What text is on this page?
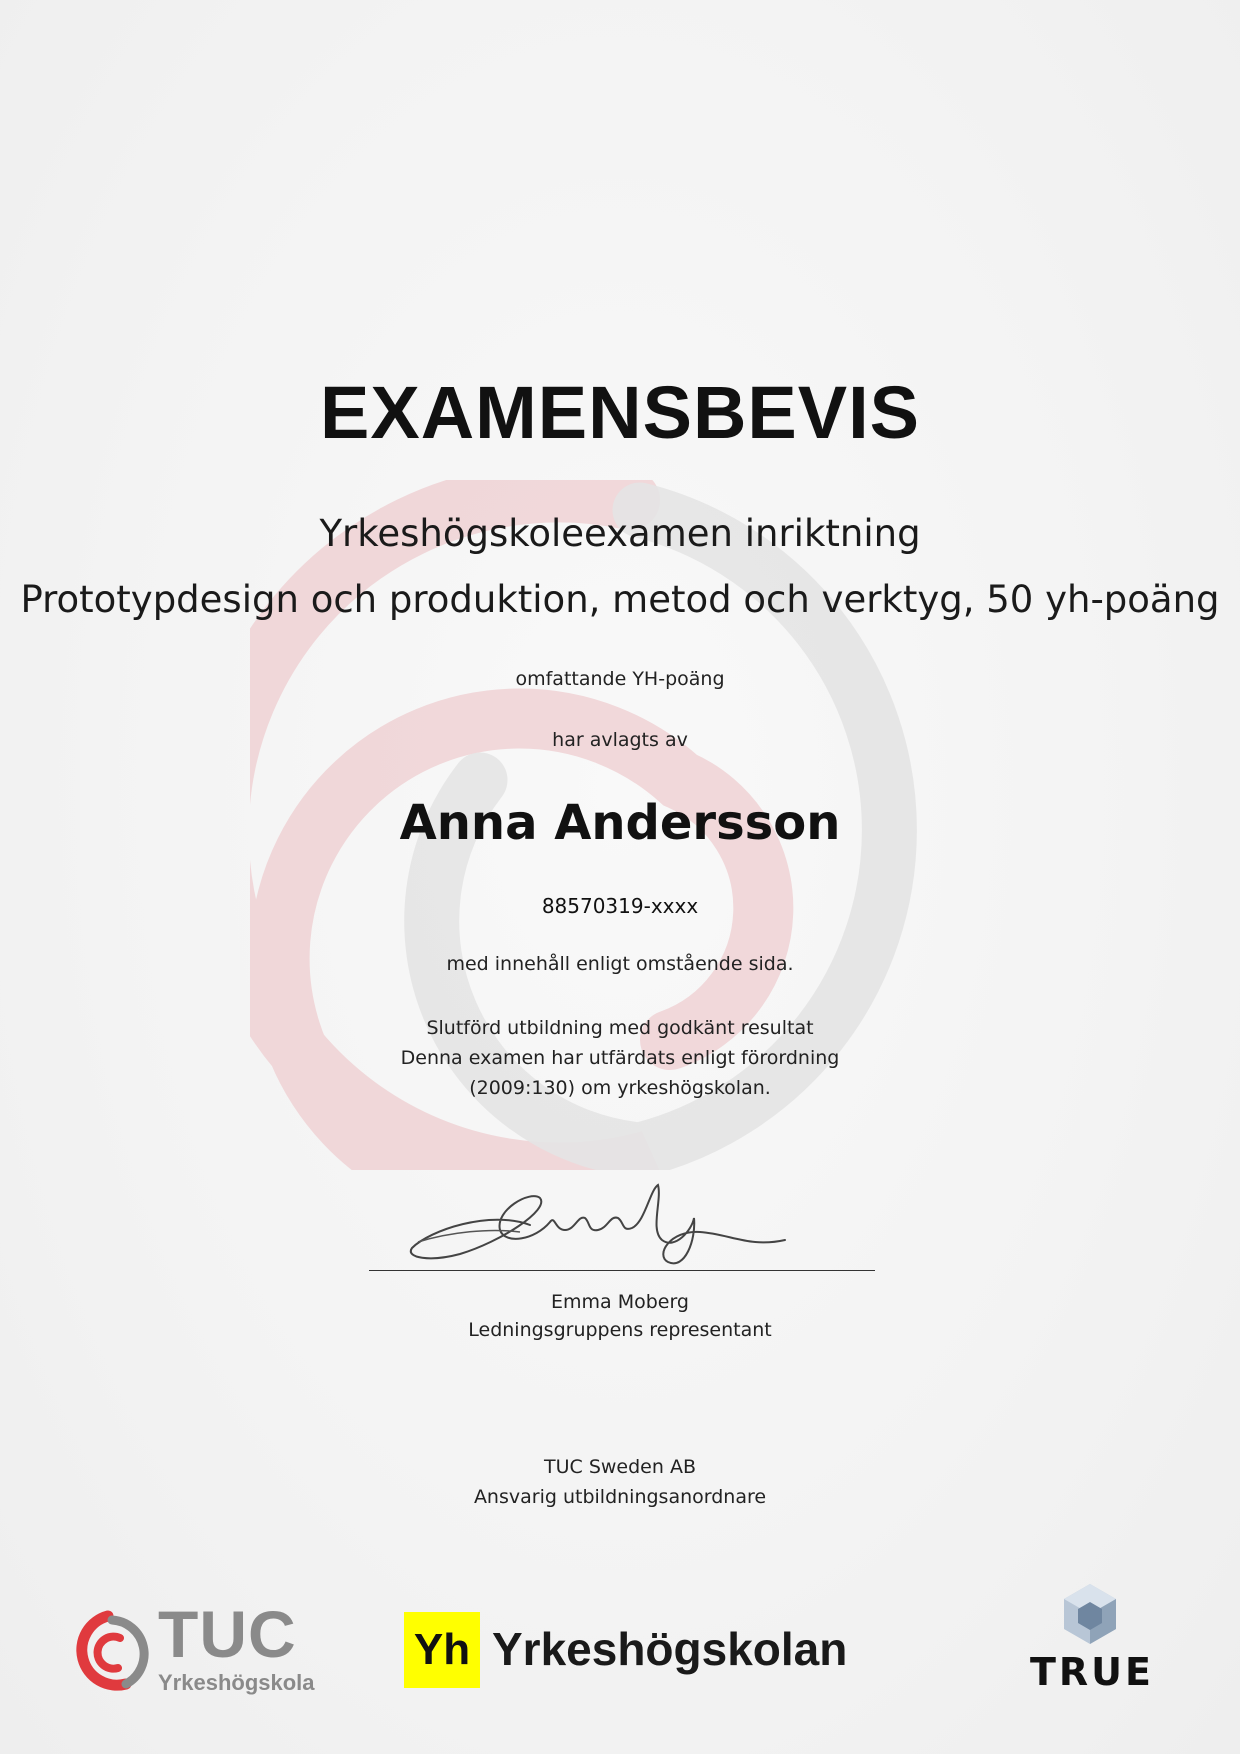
EXAMENSBEVIS
Yrkeshögskoleexamen inriktning
Prototypdesign och produktion, metod och verktyg, 50 yh-poäng
omfattande YH-poäng
har avlagts av
Anna Andersson
88570319-xxxx
med innehåll enligt omstående sida.
Slutförd utbildning med godkänt resultat
Denna examen har utfärdats enligt förordning
(2009:130) om yrkeshögskolan.
Emma Moberg
Ledningsgruppens representant
TUC Sweden AB
Ansvarig utbildningsanordnare
TUC
Yrkeshögskola
Yh Yrkeshögskolan	TRUE
